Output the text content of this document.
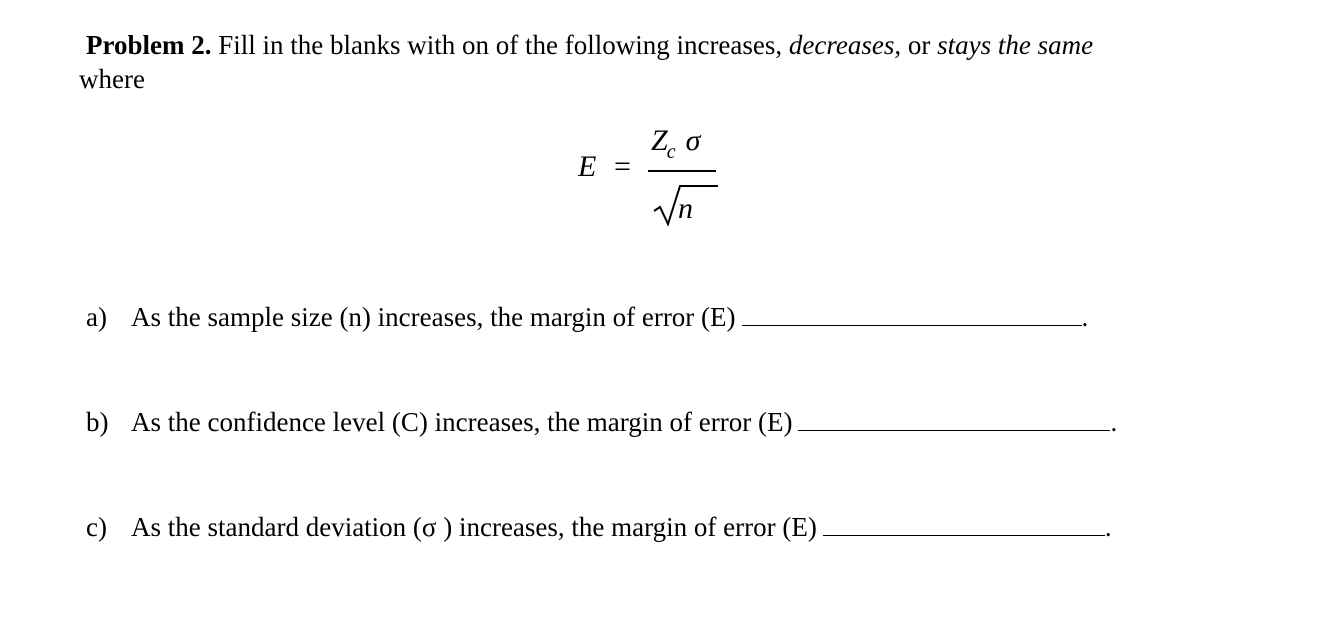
Problem 2. Fill in the blanks with on of the following increases, decreases, or stays the same
where
E =
$Z_c$ σ
n
a) As the sample size (n) increases, the margin of error (E)	.
b) As the confidence level (C) increases, the margin of error (E)	.
c) As the standard deviation (σ ) increases, the margin of error (E)	.
